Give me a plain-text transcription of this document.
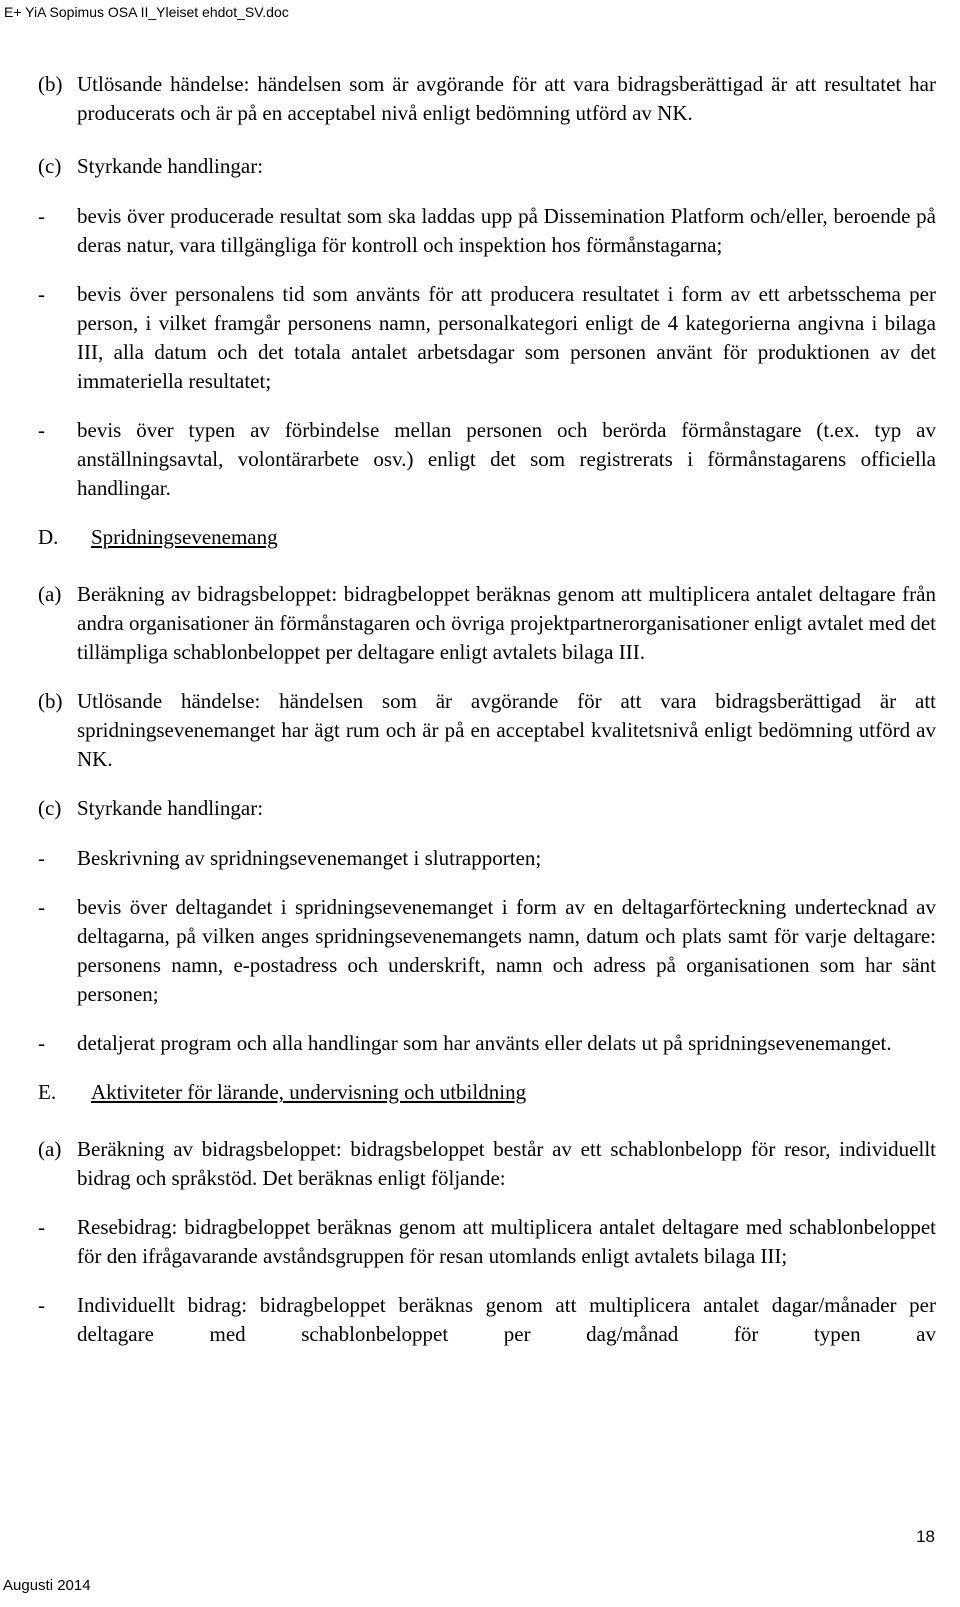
E+ YiA Sopimus OSA II_Yleiset ehdot_SV.doc
(b) Utlösande händelse: händelsen som är avgörande för att vara bidragsberättigad är att resultatet har producerats och är på en acceptabel nivå enligt bedömning utförd av NK.
(c) Styrkande handlingar:
-	bevis över producerade resultat som ska laddas upp på Dissemination Platform och/eller, beroende på deras natur, vara tillgängliga för kontroll och inspektion hos förmånstagarna;
-	bevis över personalens tid som använts för att producera resultatet i form av ett arbetsschema per person, i vilket framgår personens namn, personalkategori enligt de 4 kategorierna angivna i bilaga III, alla datum och det totala antalet arbetsdagar som personen använt för produktionen av det immateriella resultatet;
-	bevis över typen av förbindelse mellan personen och berörda förmånstagare (t.ex. typ av anställningsavtal, volontärarbete osv.) enligt det som registrerats i förmånstagarens officiella handlingar.
D.	Spridningsevenemang
(a) Beräkning av bidragsbeloppet: bidragbeloppet beräknas genom att multiplicera antalet deltagare från andra organisationer än förmånstagaren och övriga projektpartnerorganisationer enligt avtalet med det tillämpliga schablonbeloppet per deltagare enligt avtalets bilaga III.
(b) Utlösande händelse: händelsen som är avgörande för att vara bidragsberättigad är att spridningsevenemanget har ägt rum och är på en acceptabel kvalitetsnivå enligt bedömning utförd av NK.
(c) Styrkande handlingar:
-	Beskrivning av spridningsevenemanget i slutrapporten;
-	bevis över deltagandet i spridningsevenemanget i form av en deltagarförteckning undertecknad av deltagarna, på vilken anges spridningsevenemangets namn, datum och plats samt för varje deltagare: personens namn, e-postadress och underskrift, namn och adress på organisationen som har sänt personen;
-	detaljerat program och alla handlingar som har använts eller delats ut på spridningsevenemanget.
E.	Aktiviteter för lärande, undervisning och utbildning
(a) Beräkning av bidragsbeloppet: bidragsbeloppet består av ett schablonbelopp för resor, individuellt bidrag och språkstöd. Det beräknas enligt följande:
-	Resebidrag: bidragbeloppet beräknas genom att multiplicera antalet deltagare med schablonbeloppet för den ifrågavarande avståndsgruppen för resan utomlands enligt avtalets bilaga III;
-	Individuellt bidrag: bidragbeloppet beräknas genom att multiplicera antalet dagar/månader per deltagare med schablonbeloppet per dag/månad för typen av
18
Augusti 2014
